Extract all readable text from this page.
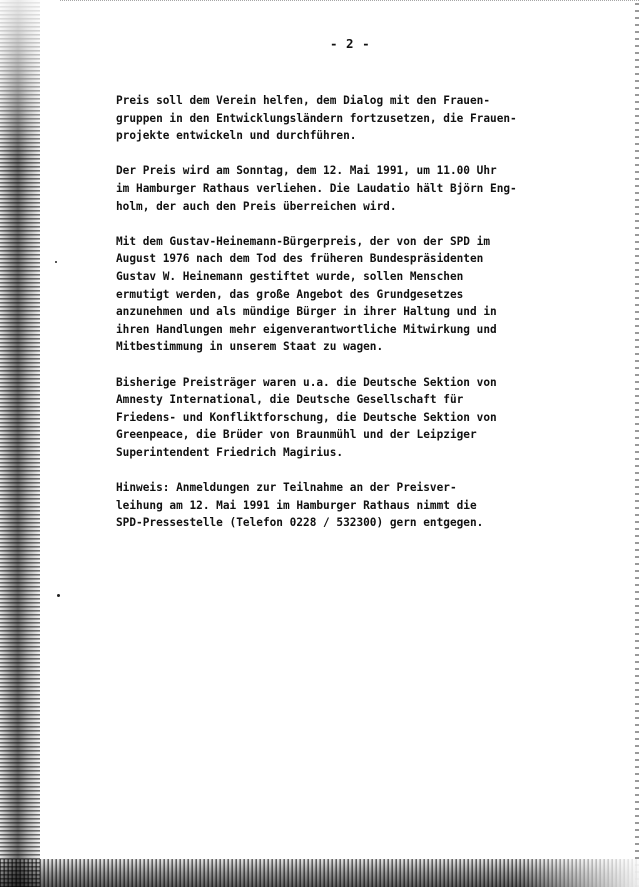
- 2 -

Preis soll dem Verein helfen, dem Dialog mit den Frauen-
gruppen in den Entwicklungsländern fortzusetzen, die Frauen-
projekte entwickeln und durchführen.

Der Preis wird am Sonntag, dem 12. Mai 1991, um 11.00 Uhr
im Hamburger Rathaus verliehen. Die Laudatio hält Björn Eng-
holm, der auch den Preis überreichen wird.

Mit dem Gustav-Heinemann-Bürgerpreis, der von der SPD im
August 1976 nach dem Tod des früheren Bundespräsidenten
Gustav W. Heinemann gestiftet wurde, sollen Menschen
ermutigt werden, das große Angebot des Grundgesetzes
anzunehmen und als mündige Bürger in ihrer Haltung und in
ihren Handlungen mehr eigenverantwortliche Mitwirkung und
Mitbestimmung in unserem Staat zu wagen.

Bisherige Preisträger waren u.a. die Deutsche Sektion von
Amnesty International, die Deutsche Gesellschaft für
Friedens- und Konfliktforschung, die Deutsche Sektion von
Greenpeace, die Brüder von Braunmühl und der Leipziger
Superintendent Friedrich Magirius.

Hinweis: Anmeldungen zur Teilnahme an der Preisver-
leihung am 12. Mai 1991 im Hamburger Rathaus nimmt die
SPD-Pressestelle (Telefon 0228 / 532300) gern entgegen.
